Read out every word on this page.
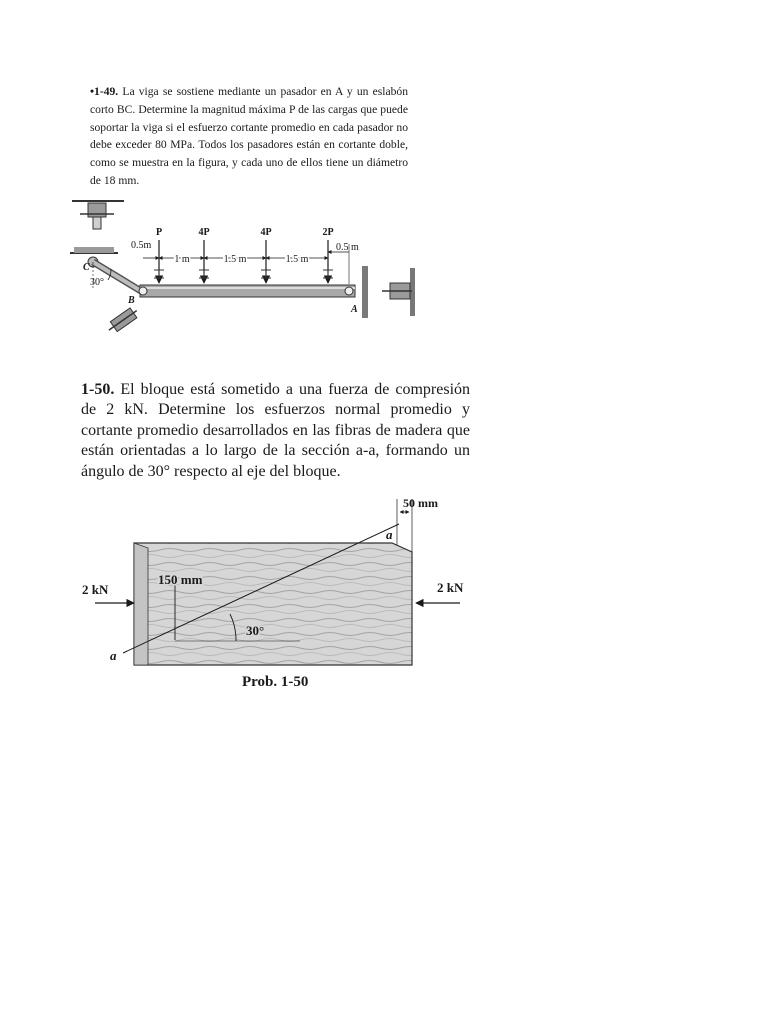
•1-49. La viga se sostiene mediante un pasador en A y un eslabón corto BC. Determine la magnitud máxima P de las cargas que puede soportar la viga si el esfuerzo cortante promedio en cada pasador no debe exceder 80 MPa. Todos los pasadores están en cortante doble, como se muestra en la figura, y cada uno de ellos tiene un diámetro de 18 mm.

P	4P	4P	2P
0.5m
1 m	1.5 m	1.5 m
0.5 m
30°
C
B
A
2 kN	2 kN
150 mm
50 mm
30°
a
a
Prob. 1-50

1-50. El bloque está sometido a una fuerza de compresión de 2 kN. Determine los esfuerzos normal promedio y cortante promedio desarrollados en las fibras de madera que están orientadas a lo largo de la sección a-a, formando un ángulo de 30° respecto al eje del bloque.
